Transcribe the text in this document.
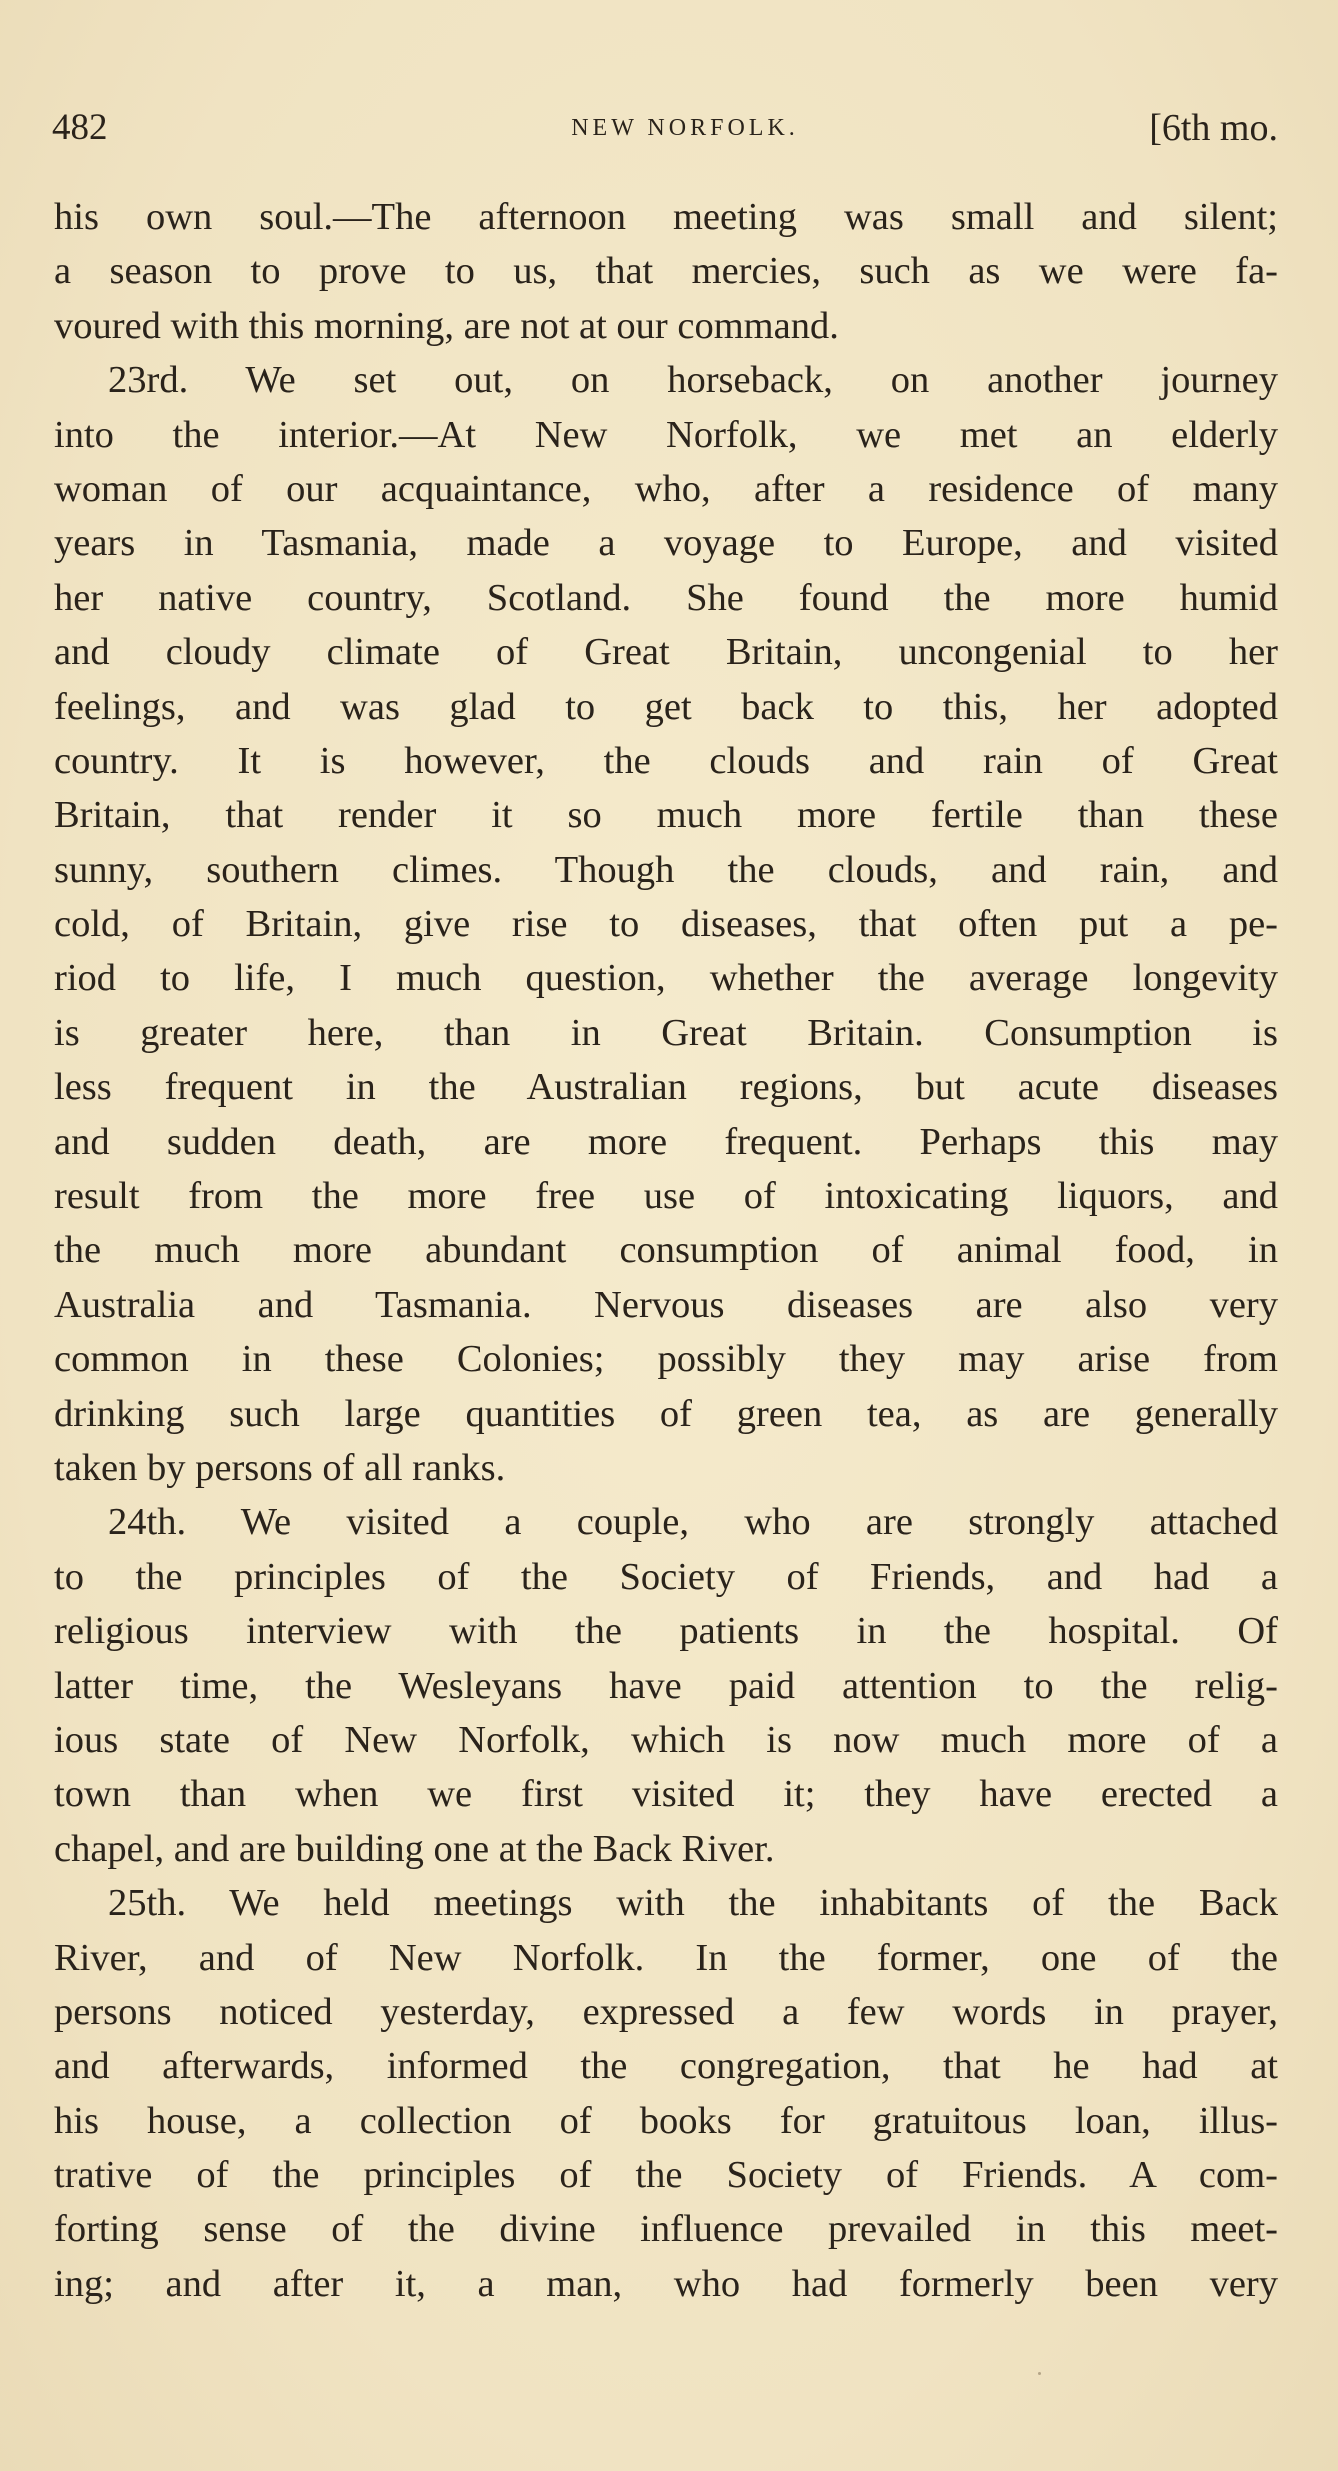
482	NEW NORFOLK.	[6th mo.
his own soul.—The afternoon meeting was small and silent;
a season to prove to us, that mercies, such as we were fa-
voured with this morning, are not at our command.
23rd. We set out, on horseback, on another journey
into the interior.—At New Norfolk, we met an elderly
woman of our acquaintance, who, after a residence of many
years in Tasmania, made a voyage to Europe, and visited
her native country, Scotland. She found the more humid
and cloudy climate of Great Britain, uncongenial to her
feelings, and was glad to get back to this, her adopted
country. It is however, the clouds and rain of Great
Britain, that render it so much more fertile than these
sunny, southern climes. Though the clouds, and rain, and
cold, of Britain, give rise to diseases, that often put a pe-
riod to life, I much question, whether the average longevity
is greater here, than in Great Britain. Consumption is
less frequent in the Australian regions, but acute diseases
and sudden death, are more frequent. Perhaps this may
result from the more free use of intoxicating liquors, and
the much more abundant consumption of animal food, in
Australia and Tasmania. Nervous diseases are also very
common in these Colonies; possibly they may arise from
drinking such large quantities of green tea, as are generally
taken by persons of all ranks.
24th. We visited a couple, who are strongly attached
to the principles of the Society of Friends, and had a
religious interview with the patients in the hospital. Of
latter time, the Wesleyans have paid attention to the relig-
ious state of New Norfolk, which is now much more of a
town than when we first visited it; they have erected a
chapel, and are building one at the Back River.
25th. We held meetings with the inhabitants of the Back
River, and of New Norfolk. In the former, one of the
persons noticed yesterday, expressed a few words in prayer,
and afterwards, informed the congregation, that he had at
his house, a collection of books for gratuitous loan, illus-
trative of the principles of the Society of Friends. A com-
forting sense of the divine influence prevailed in this meet-
ing; and after it, a man, who had formerly been very
